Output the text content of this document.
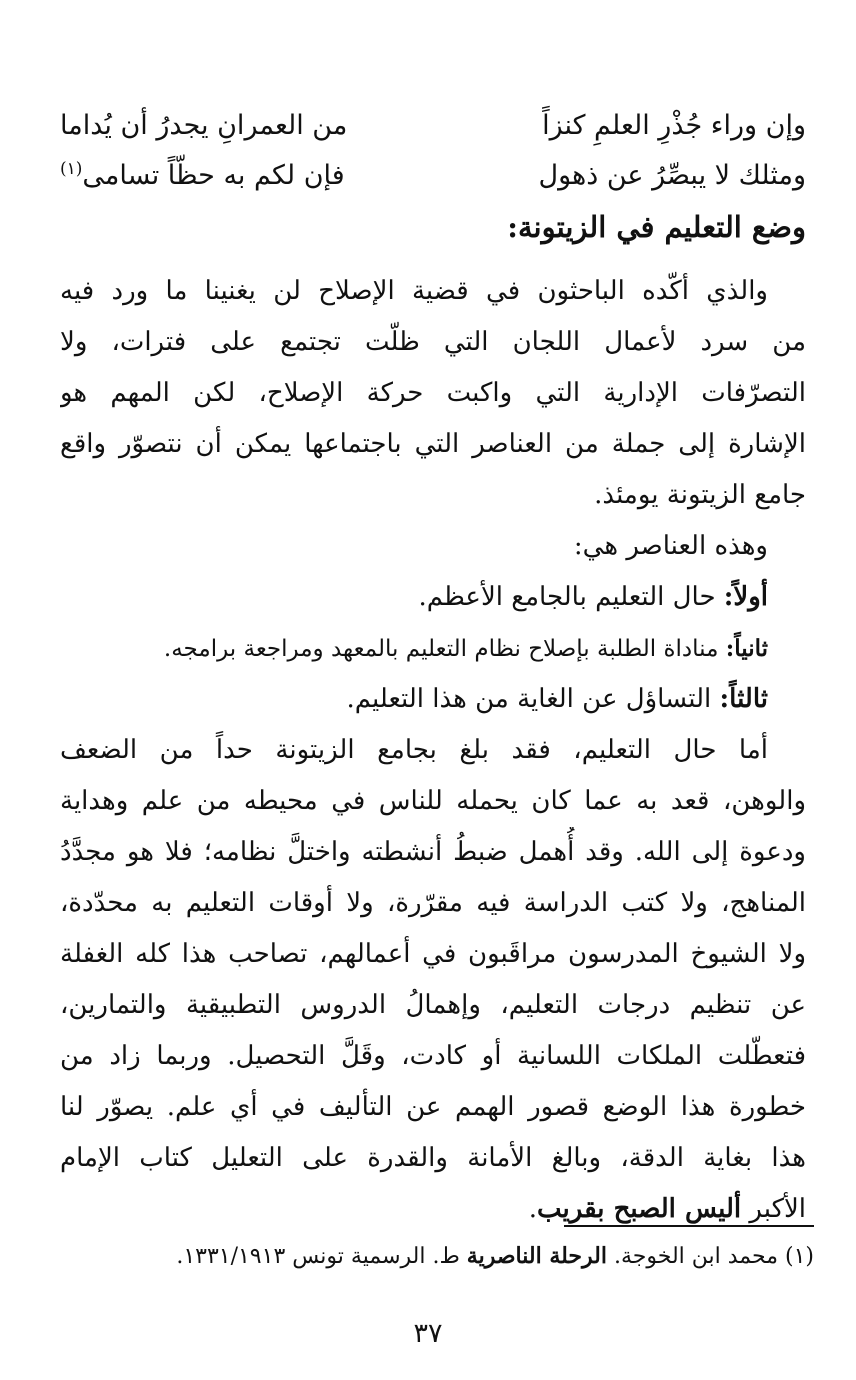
وإن وراء جُذْرِ العلمِ كنزاً
من العمرانِ يجدرُ أن يُداما
ومثلك لا يبصِّرُ عن ذهول
فإن لكم به حظّاً تسامى$^{(١)}$
وضع التعليم في الزيتونة:
والذي أكّده الباحثون في قضية الإصلاح لن يغنينا ما ورد فيه
من سرد لأعمال اللجان التي ظلّت تجتمع على فترات، ولا
التصرّفات الإدارية التي واكبت حركة الإصلاح، لكن المهم هو
الإشارة إلى جملة من العناصر التي باجتماعها يمكن أن نتصوّر واقع
جامع الزيتونة يومئذ.
وهذه العناصر هي:
أولاً: حال التعليم بالجامع الأعظم.
ثانياً: مناداة الطلبة بإصلاح نظام التعليم بالمعهد ومراجعة برامجه.
ثالثاً: التساؤل عن الغاية من هذا التعليم.
أما حال التعليم، فقد بلغ بجامع الزيتونة حداً من الضعف
والوهن، قعد به عما كان يحمله للناس في محيطه من علم وهداية
ودعوة إلى الله. وقد أُهمل ضبطُ أنشطته واختلَّ نظامه؛ فلا هو مجدَّدُ
المناهج، ولا كتب الدراسة فيه مقرّرة، ولا أوقات التعليم به محدّدة،
ولا الشيوخ المدرسون مراقَبون في أعمالهم، تصاحب هذا كله الغفلة
عن تنظيم درجات التعليم، وإهمالُ الدروس التطبيقية والتمارين،
فتعطّلت الملكات اللسانية أو كادت، وقَلَّ التحصيل. وربما زاد من
خطورة هذا الوضع قصور الهمم عن التأليف في أي علم. يصوّر لنا
هذا بغاية الدقة، وبالغ الأمانة والقدرة على التعليل كتاب الإمام
الأكبر أليس الصبح بقريب.
(١) محمد ابن الخوجة. الرحلة الناصرية ط. الرسمية تونس ١٣٣١/١٩١٣.
٣٧
